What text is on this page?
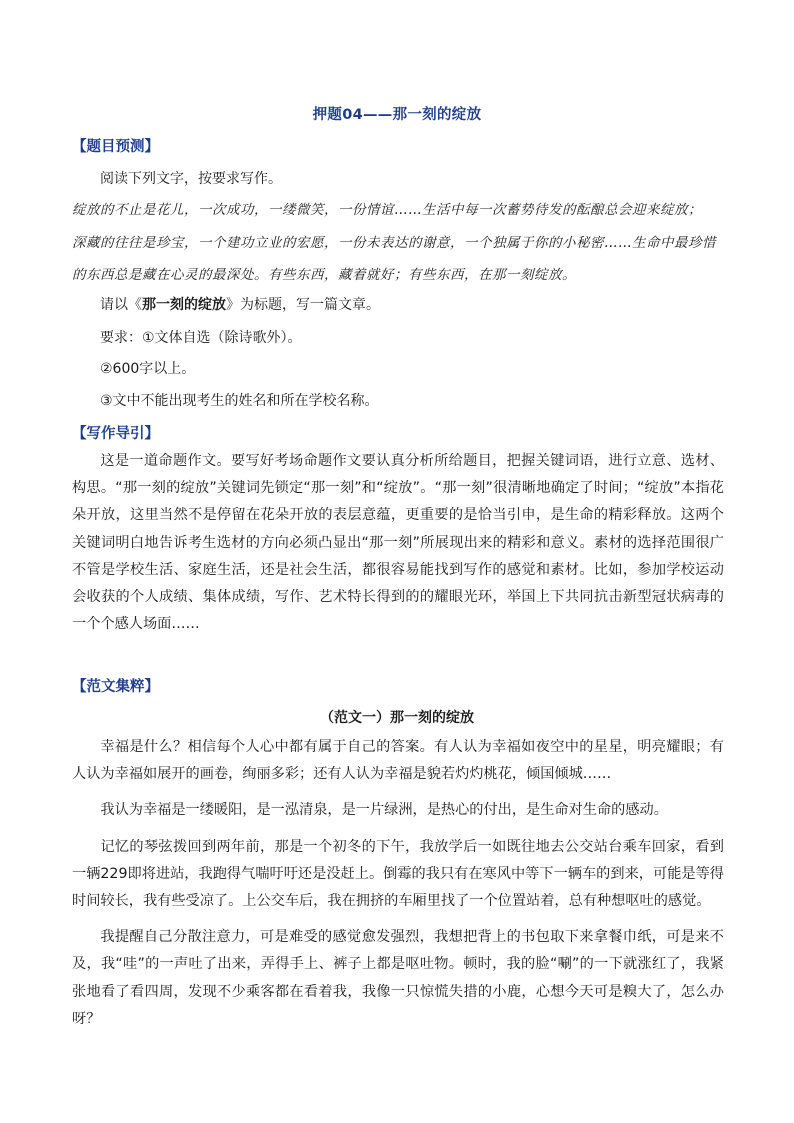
押题04——那一刻的绽放
【题目预测】
阅读下列文字，按要求写作。
绽放的不止是花儿，一次成功，一缕微笑，一份情谊……生活中每一次蓄势待发的酝酿总会迎来绽放；
深藏的往往是珍宝，一个建功立业的宏愿，一份未表达的谢意，一个独属于你的小秘密……生命中最珍惜
的东西总是藏在心灵的最深处。有些东西，藏着就好；有些东西，在那一刻绽放。
请以《那一刻的绽放》为标题，写一篇文章。
要求：①文体自选（除诗歌外）。
②600字以上。
③文中不能出现考生的姓名和所在学校名称。
【写作导引】

这是一道命题作文。要写好考场命题作文要认真分析所给题目，把握关键词语，进行立意、选材、构思。“那一刻的绽放”关键词先锁定“那一刻”和“绽放”。“那一刻”很清晰地确定了时间；“绽放”本指花朵开放，这里当然不是停留在花朵开放的表层意蕴，更重要的是恰当引申，是生命的精彩释放。这两个关键词明白地告诉考生选材的方向必须凸显出“那一刻”所展现出来的精彩和意义。素材的选择范围很广不管是学校生活、家庭生活，还是社会生活，都很容易能找到写作的感觉和素材。比如，参加学校运动会收获的个人成绩、集体成绩，写作、艺术特长得到的的耀眼光环，举国上下共同抗击新型冠状病毒的一个个感人场面……

【范文集粹】
（范文一）那一刻的绽放

幸福是什么？相信每个人心中都有属于自己的答案。有人认为幸福如夜空中的星星，明亮耀眼；有人认为幸福如展开的画卷，绚丽多彩；还有人认为幸福是貌若灼灼桃花，倾国倾城……

我认为幸福是一缕暖阳，是一泓清泉，是一片绿洲，是热心的付出，是生命对生命的感动。

记忆的琴弦拨回到两年前，那是一个初冬的下午，我放学后一如既往地去公交站台乘车回家，看到一辆229即将进站，我跑得气喘吁吁还是没赶上。倒霉的我只有在寒风中等下一辆车的到来，可能是等得时间较长，我有些受凉了。上公交车后，我在拥挤的车厢里找了一个位置站着，总有种想呕吐的感觉。

我提醒自己分散注意力，可是难受的感觉愈发强烈，我想把背上的书包取下来拿餐巾纸，可是来不及，我“哇”的一声吐了出来，弄得手上、裤子上都是呕吐物。顿时，我的脸“唰”的一下就涨红了，我紧张地看了看四周，发现不少乘客都在看着我，我像一只惊慌失措的小鹿，心想今天可是糗大了，怎么办呀？
